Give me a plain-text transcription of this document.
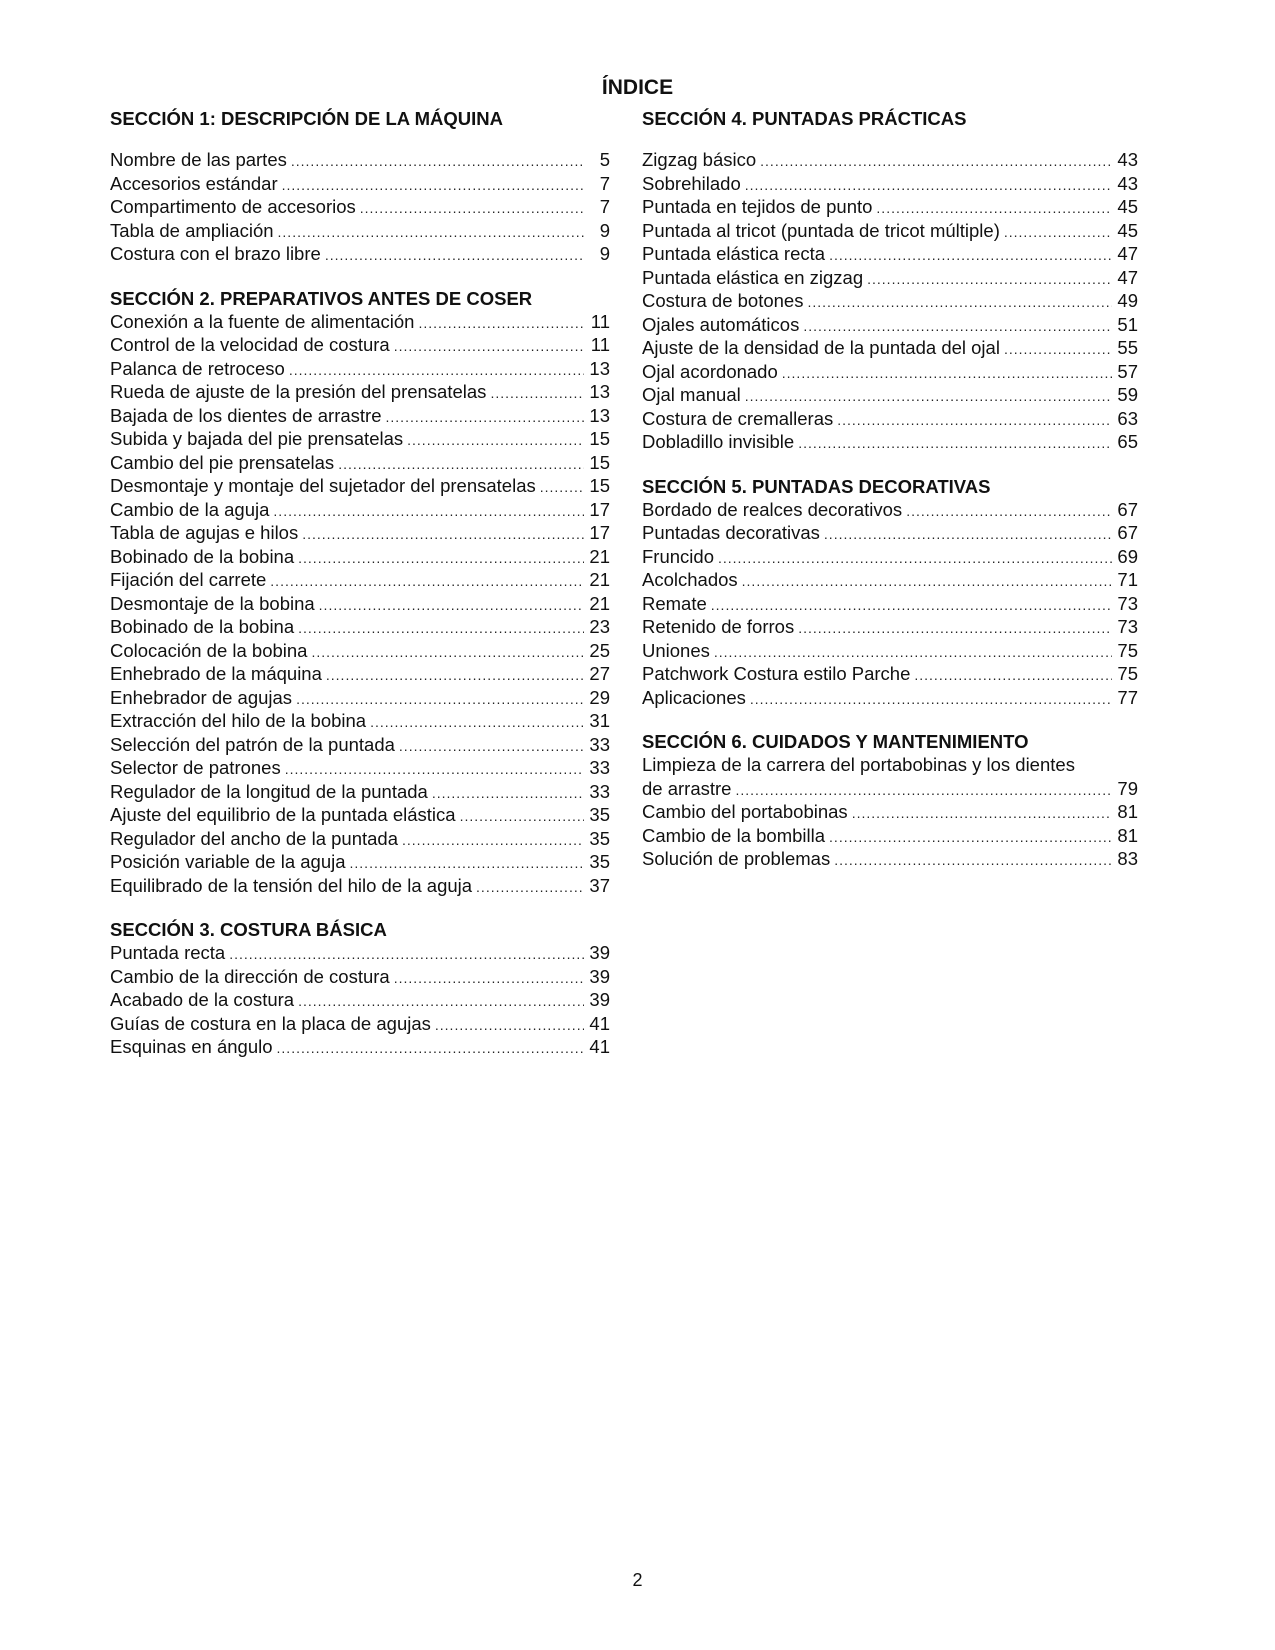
ÍNDICE
SECCIÓN 1: DESCRIPCIÓN DE LA MÁQUINA
Nombre de las partes .....	5
Accesorios estándar .....	7
Compartimento de accesorios .....	7
Tabla de ampliación .....	9
Costura con el brazo libre .....	9
SECCIÓN 2. PREPARATIVOS ANTES DE COSER
Conexión a la fuente de alimentación .....	11
Control de la velocidad de costura .....	11
Palanca de retroceso .....	13
Rueda de ajuste de la presión del prensatelas .....	13
Bajada de los dientes de arrastre .....	13
Subida y bajada del pie prensatelas .....	15
Cambio del pie prensatelas .....	15
Desmontaje y montaje del sujetador del prensatelas .....	15
Cambio de la aguja .....	17
Tabla de agujas e hilos .....	17
Bobinado de la bobina .....	21
Fijación del carrete .....	21
Desmontaje de la bobina .....	21
Bobinado de la bobina .....	23
Colocación de la bobina .....	25
Enhebrado de la máquina .....	27
Enhebrador de agujas .....	29
Extracción del hilo de la bobina .....	31
Selección del patrón de la puntada .....	33
Selector de patrones .....	33
Regulador de la longitud de la puntada .....	33
Ajuste del equilibrio de la puntada elástica .....	35
Regulador del ancho de la puntada .....	35
Posición variable de la aguja .....	35
Equilibrado de la tensión del hilo de la aguja .....	37
SECCIÓN 3. COSTURA BÁSICA
Puntada recta .....	39
Cambio de la dirección de costura .....	39
Acabado de la costura .....	39
Guías de costura en la placa de agujas .....	41
Esquinas en ángulo .....	41
SECCIÓN 4. PUNTADAS PRÁCTICAS
Zigzag básico .....	43
Sobrehilado .....	43
Puntada en tejidos de punto .....	45
Puntada al tricot (puntada de tricot múltiple) .....	45
Puntada elástica recta .....	47
Puntada elástica en zigzag .....	47
Costura de botones .....	49
Ojales automáticos .....	51
Ajuste de la densidad de la puntada del ojal .....	55
Ojal acordonado .....	57
Ojal manual .....	59
Costura de cremalleras .....	63
Dobladillo invisible .....	65
SECCIÓN 5. PUNTADAS DECORATIVAS
Bordado de realces decorativos .....	67
Puntadas decorativas .....	67
Fruncido .....	69
Acolchados .....	71
Remate .....	73
Retenido de forros .....	73
Uniones .....	75
Patchwork Costura estilo Parche .....	75
Aplicaciones .....	77
SECCIÓN 6. CUIDADOS Y MANTENIMIENTO
Limpieza de la carrera del portabobinas y los dientes
de arrastre .....	79
Cambio del portabobinas .....	81
Cambio de la bombilla .....	81
Solución de problemas .....	83
2
